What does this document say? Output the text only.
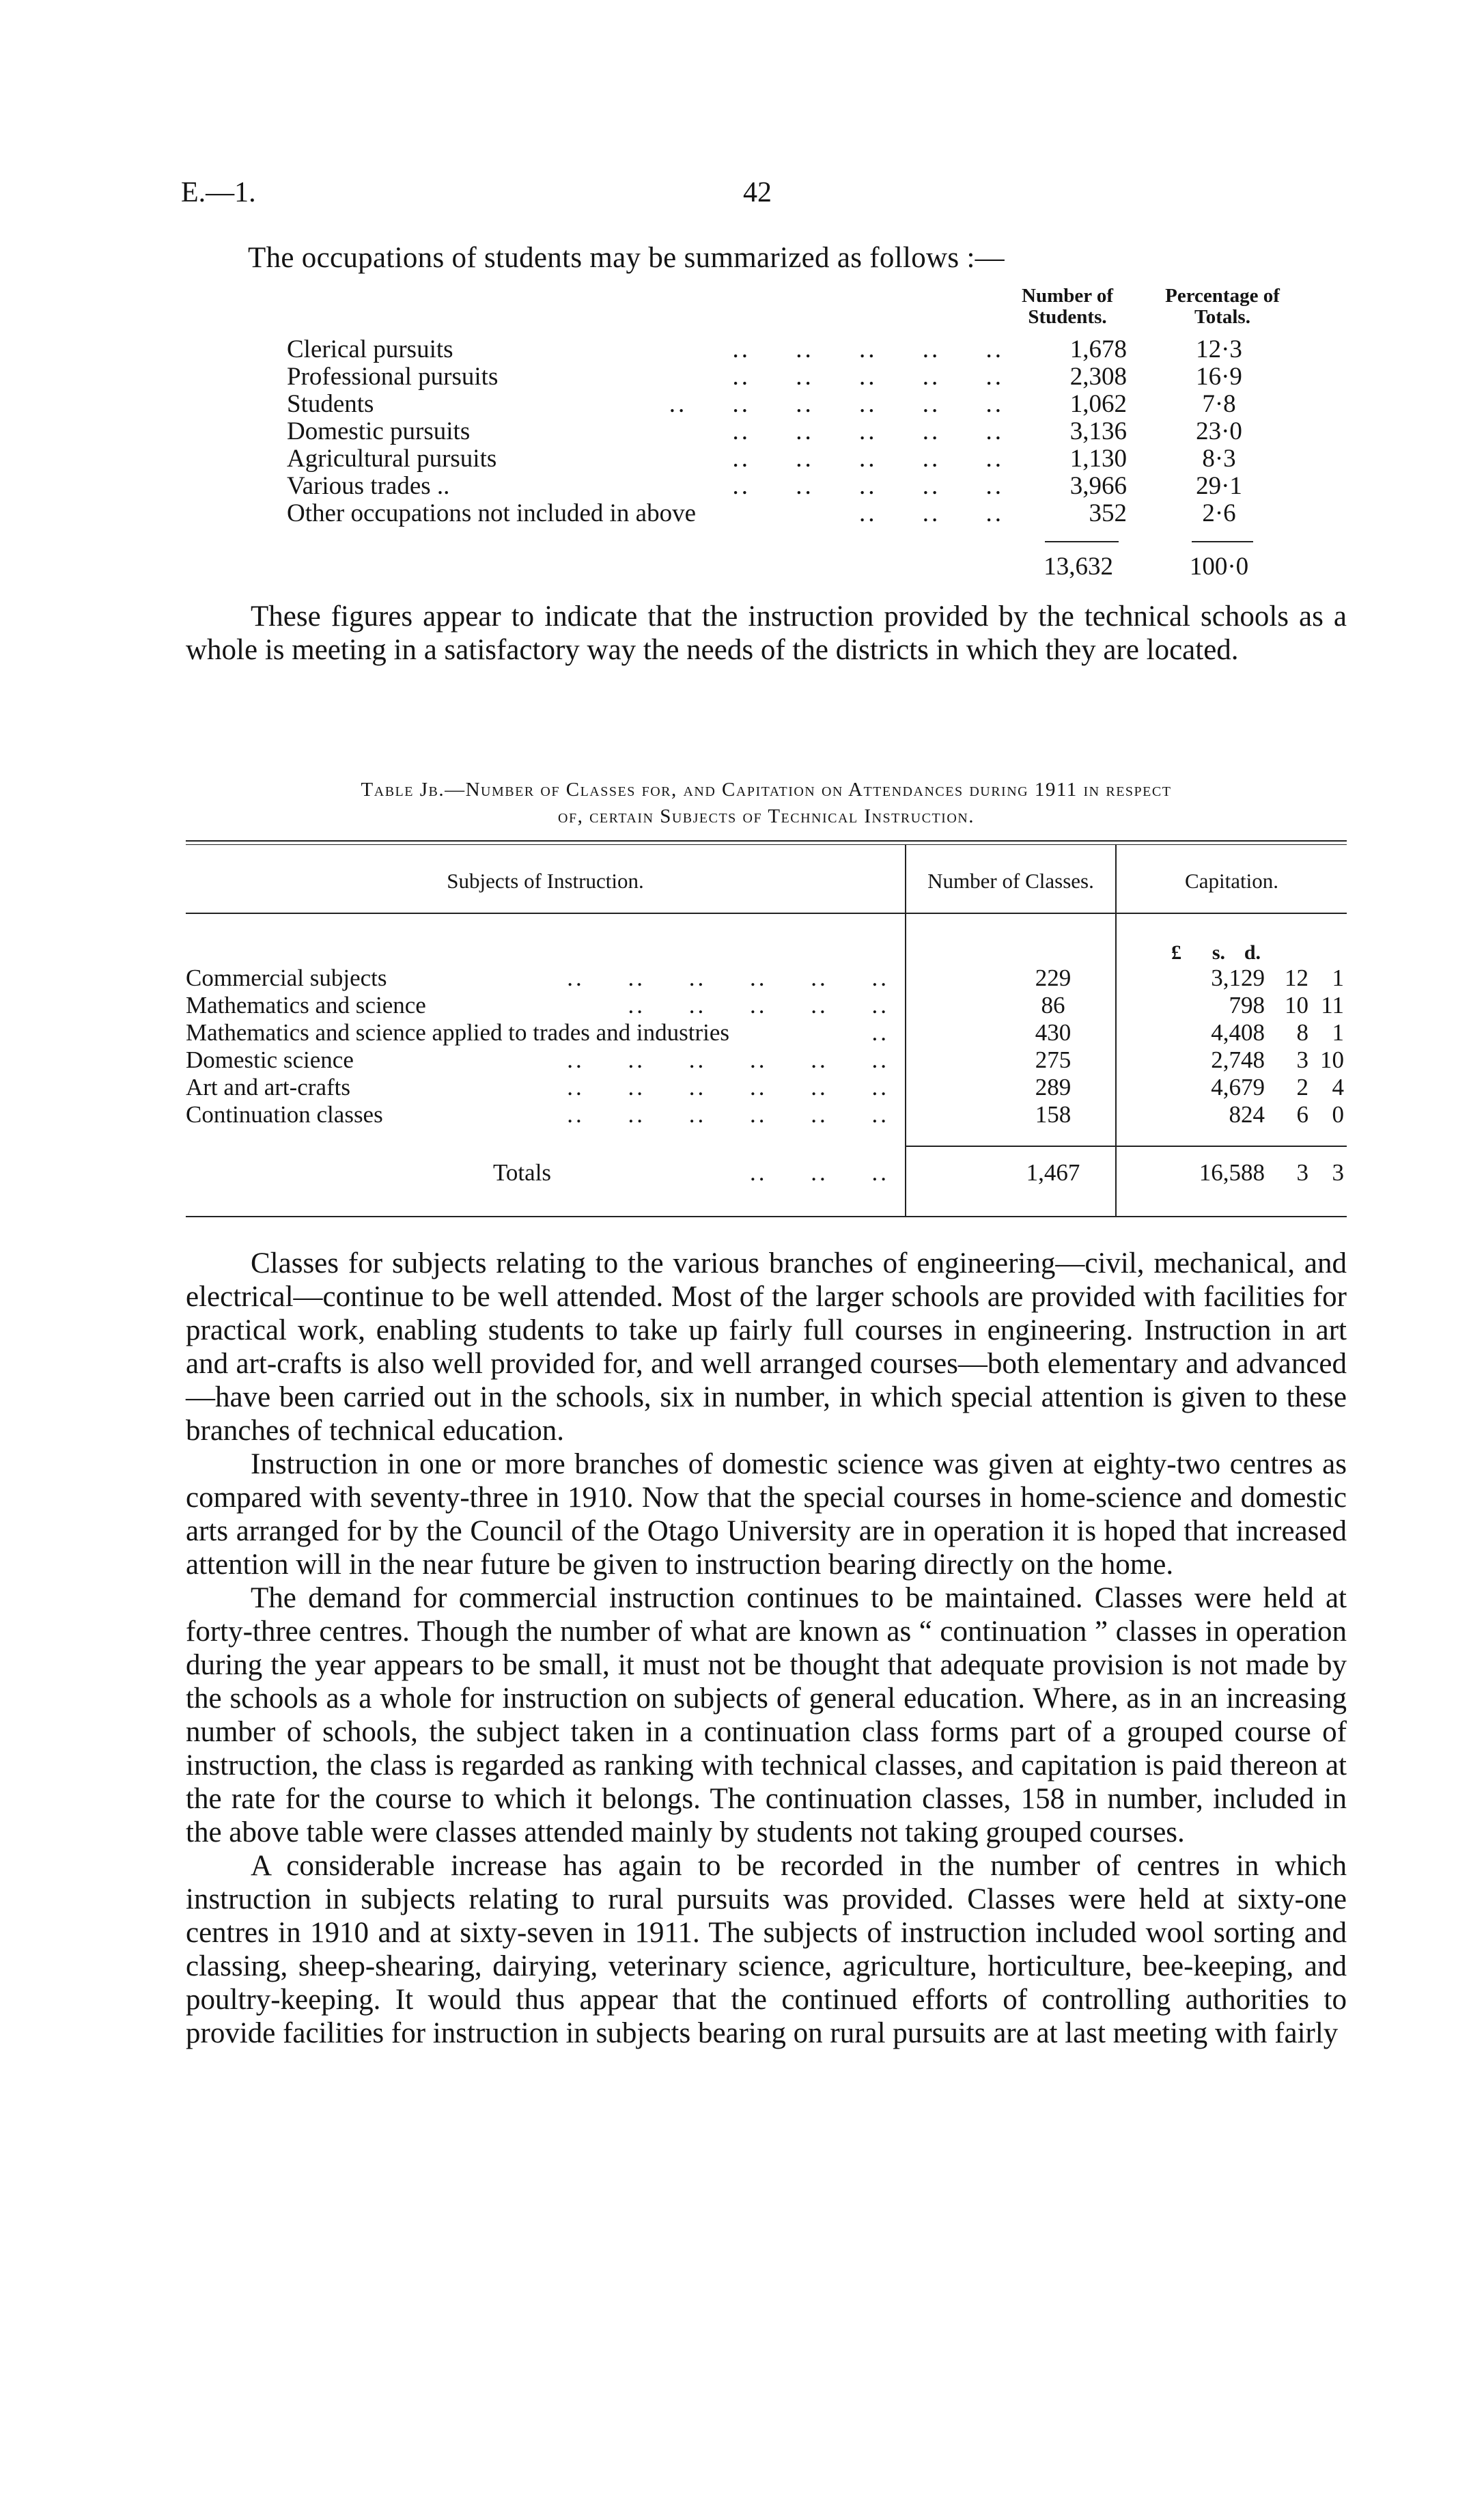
E.—1.	42
The occupations of students may be summarized as follows :—
Number of Students.
Percentage of Totals.
Clerical pursuits	..     ..     ..     ..     ..	1,678	12·3
Professional pursuits	..     ..     ..     ..     ..	2,308	16·9
Students	..     ..     ..     ..     ..     ..	1,062	7·8
Domestic pursuits	..     ..     ..     ..     ..	3,136	23·0
Agricultural pursuits	..     ..     ..     ..     ..	1,130	8·3
Various trades ..	..     ..     ..     ..     ..	3,966	29·1
Other occupations not included in above	..     ..     ..	352	2·6
13,632	100·0

These figures appear to indicate that the instruction provided by the technical schools as a whole is meeting in a satisfactory way the needs of the districts in which they are located.

Table Jb.—Number of Classes for, and Capitation on Attendances during 1911 in respect
of, certain Subjects of Technical Instruction.
Subjects of Instruction.	Number of Classes.	Capitation.
£	s. d.
Commercial subjects	..     ..     ..     ..     ..     ..	229	3,129 12 1
Mathematics and science	..     ..     ..     ..     ..	86	798 10 11
Mathematics and science applied to trades and industries	..	430	4,408	8 1
Domestic science	..     ..     ..     ..     ..     ..	275	2,748	3 10
Art and art-crafts	..     ..     ..     ..     ..     ..	289	4,679	2 4
Continuation classes	..     ..     ..     ..     ..     ..	158	824	6 0
Totals	..     ..     ..	1,467	16,588	3 3

Classes for subjects relating to the various branches of engineering—civil, mechanical, and electrical—continue to be well attended. Most of the larger schools are provided with facilities for practical work, enabling students to take up fairly full courses in engineering. Instruction in art and art-crafts is also well provided for, and well arranged courses—both elementary and advanced—have been carried out in the schools, six in number, in which special attention is given to these branches of technical education.

Instruction in one or more branches of domestic science was given at eighty-two centres as compared with seventy-three in 1910. Now that the special courses in home-science and domestic arts arranged for by the Council of the Otago University are in operation it is hoped that increased attention will in the near future be given to instruction bearing directly on the home.

The demand for commercial instruction continues to be maintained. Classes were held at forty-three centres. Though the number of what are known as “ continuation ” classes in operation during the year appears to be small, it must not be thought that adequate provision is not made by the schools as a whole for instruction on subjects of general education. Where, as in an increasing number of schools, the subject taken in a continuation class forms part of a grouped course of instruction, the class is regarded as ranking with technical classes, and capitation is paid thereon at the rate for the course to which it belongs. The continuation classes, 158 in number, included in the above table were classes attended mainly by students not taking grouped courses.

A considerable increase has again to be recorded in the number of centres in which instruction in subjects relating to rural pursuits was provided. Classes were held at sixty-one centres in 1910 and at sixty-seven in 1911. The subjects of instruction included wool sorting and classing, sheep-shearing, dairying, veterinary science, agriculture, horticulture, bee-keeping, and poultry-keeping. It would thus appear that the continued efforts of controlling authorities to provide facilities for instruction in subjects bearing on rural pursuits are at last meeting with fairly
